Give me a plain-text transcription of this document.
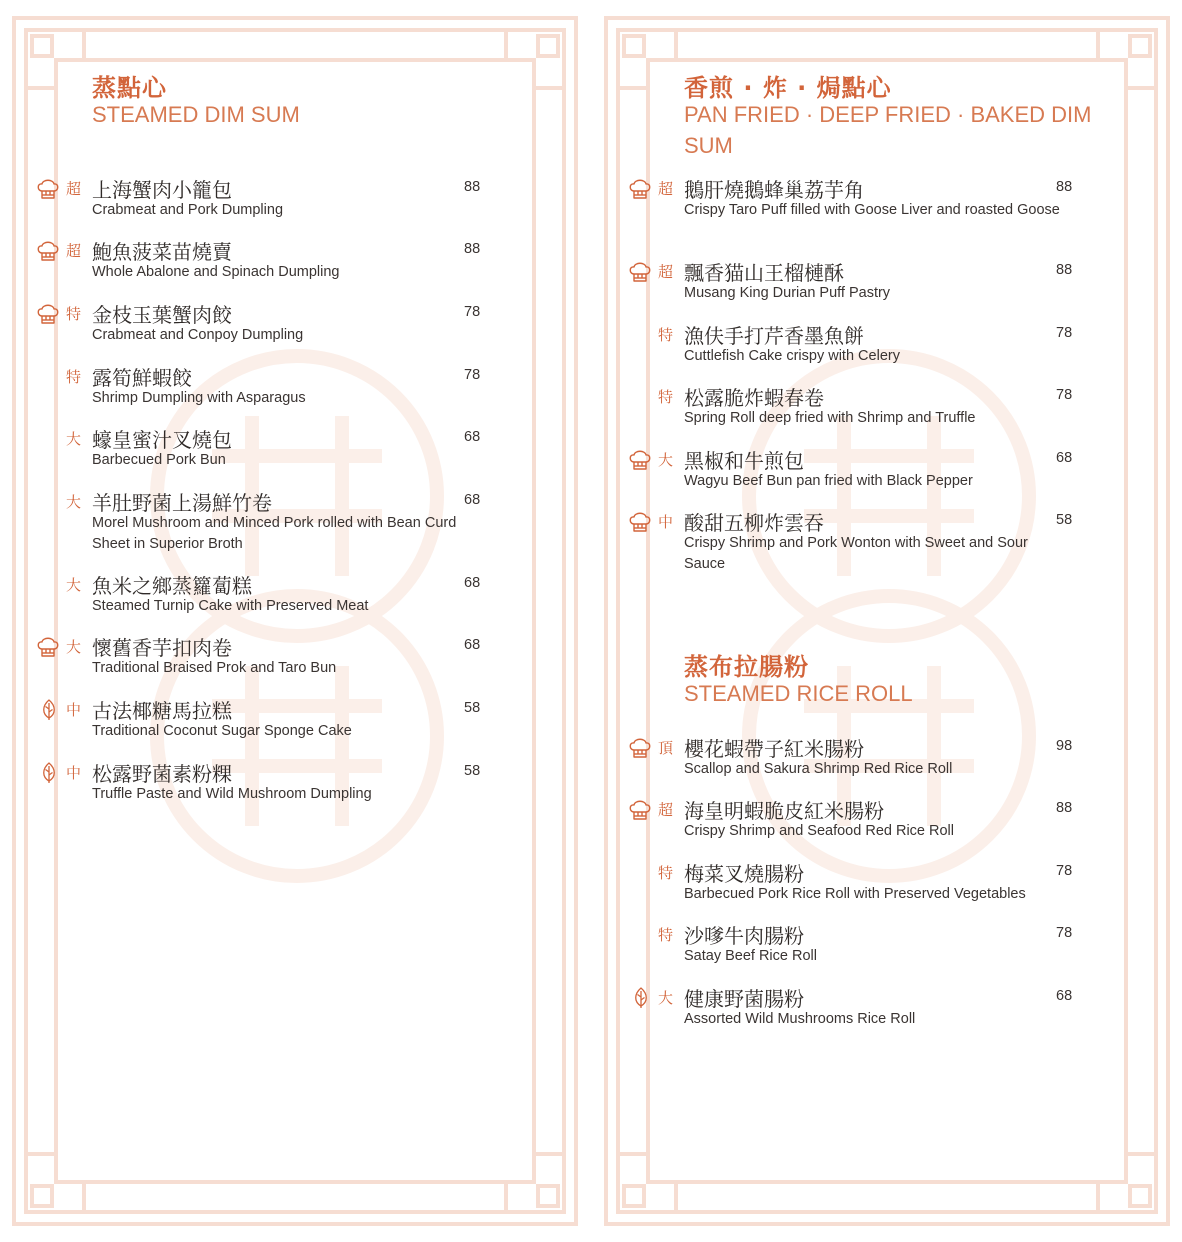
蒸點心
STEAMED DIM SUM
超 上海蟹肉小籠包
Crabmeat and Pork Dumpling
88
超 鮑魚菠菜苗燒賣
Whole Abalone and Spinach Dumpling
88
特 金枝玉葉蟹肉餃
Crabmeat and Conpoy Dumpling
78
特 露筍鮮蝦餃
Shrimp Dumpling with Asparagus
78
大 蠔皇蜜汁叉燒包
Barbecued Pork Bun
68
大 羊肚野菌上湯鮮竹卷
Morel Mushroom and Minced Pork rolled with Bean Curd Sheet in Superior Broth
68
大 魚米之鄉蒸籮蔔糕
Steamed Turnip Cake with Preserved Meat
68
大 懷舊香芋扣肉卷
Traditional Braised Prok and Taro Bun
68
中 古法椰糖馬拉糕
Traditional Coconut Sugar Sponge Cake
58
中 松露野菌素粉粿
Truffle Paste and Wild Mushroom Dumpling
58
香煎 · 炸 · 焗點心
PAN FRIED · DEEP FRIED · BAKED DIM SUM
超 鵝肝燒鵝蜂巢荔芋角
Crispy Taro Puff filled with Goose Liver and roasted Goose
88
超 飄香猫山王榴槤酥
Musang King Durian Puff Pastry
88
特 漁伕手打芹香墨魚餅
Cuttlefish Cake crispy with Celery
78
特 松露脆炸蝦春卷
Spring Roll deep fried with Shrimp and Truffle
78
大 黑椒和牛煎包
Wagyu Beef Bun pan fried with Black Pepper
68
中 酸甜五柳炸雲吞
Crispy Shrimp and Pork Wonton with Sweet and Sour Sauce
58
蒸布拉腸粉
STEAMED RICE ROLL
頂 櫻花蝦帶子紅米腸粉
Scallop and Sakura Shrimp Red Rice Roll
98
超 海皇明蝦脆皮紅米腸粉
Crispy Shrimp and Seafood Red Rice Roll
88
特 梅菜叉燒腸粉
Barbecued Pork Rice Roll with Preserved Vegetables
78
特 沙嗲牛肉腸粉
Satay Beef Rice Roll
78
大 健康野菌腸粉
Assorted Wild Mushrooms Rice Roll
68
